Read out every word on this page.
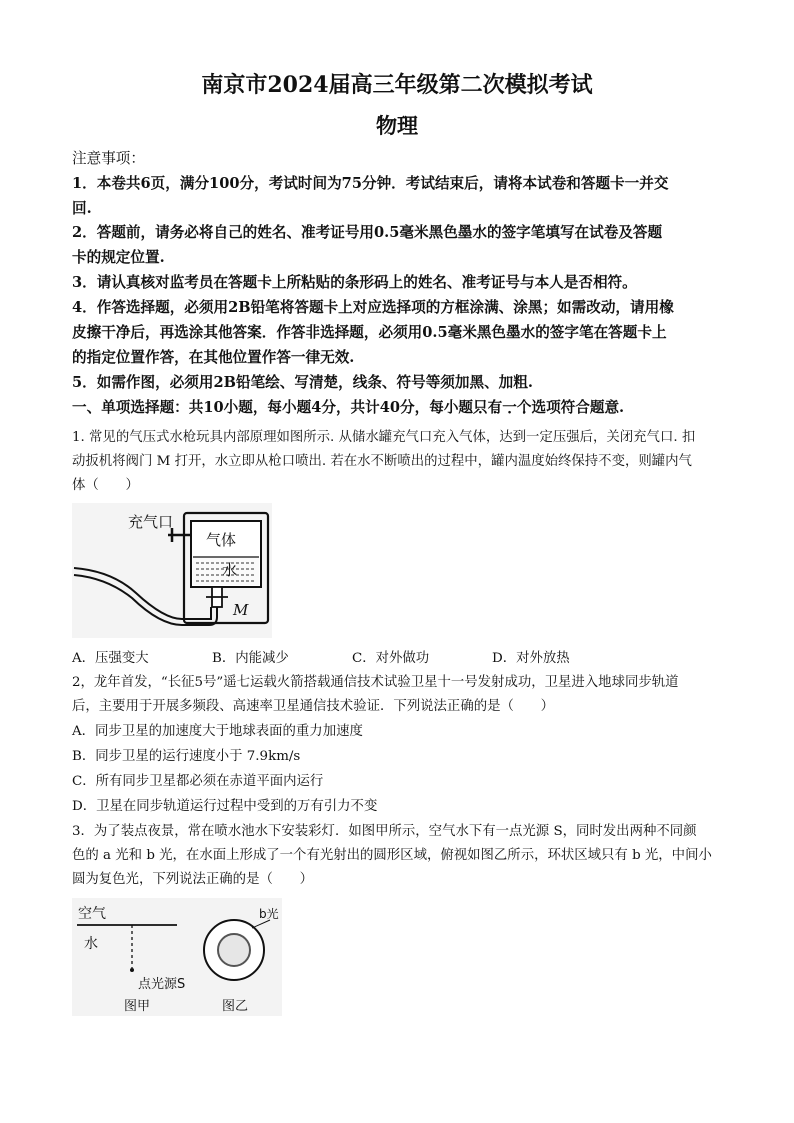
南京市2024届高三年级第二次模拟考试
物理
注意事项：
1．本卷共6页，满分100分，考试时间为75分钟．考试结束后，请将本试卷和答题卡一并交
回.
2．答题前，请务必将自己的姓名、准考证号用0.5毫米黑色墨水的签字笔填写在试卷及答题
卡的规定位置.
3．请认真核对监考员在答题卡上所粘贴的条形码上的姓名、准考证号与本人是否相符。
4．作答选择题，必须用2B铅笔将答题卡上对应选择项的方框涂满、涂黑；如需改动，请用橡
皮擦干净后，再选涂其他答案．作答非选择题，必须用0.5毫米黑色墨水的签字笔在答题卡上
的指定位置作答，在其他位置作答一律无效.
5．如需作图，必须用2B铅笔绘、写清楚，线条、符号等须加黑、加粗.
一、单项选择题：共10小题，每小题4分，共计40分，每小题只有一个选项符合题意.
1. 常见的气压式水枪玩具内部原理如图所示. 从储水罐充气口充入气体，达到一定压强后，关闭充气口. 扣
动扳机将阀门 M 打开，水立即从枪口喷出. 若在水不断喷出的过程中，罐内温度始终保持不变，则罐内气
体（　　）
充气口
气体
水
M
A．压强变大	B．内能减少	C．对外做功	D．对外放热
2，龙年首发，“长征5号”遥七运载火箭搭载通信技术试验卫星十一号发射成功，卫星进入地球同步轨道
后，主要用于开展多频段、高速率卫星通信技术验证．下列说法正确的是（　　）
A．同步卫星的加速度大于地球表面的重力加速度
B．同步卫星的运行速度小于 7.9km/s
C．所有同步卫星都必须在赤道平面内运行
D．卫星在同步轨道运行过程中受到的万有引力不变
3．为了装点夜景，常在喷水池水下安装彩灯．如图甲所示，空气水下有一点光源 S，同时发出两种不同颜
色的 a 光和 b 光，在水面上形成了一个有光射出的圆形区域，俯视如图乙所示，环状区域只有 b 光，中间小
圆为复色光，下列说法正确的是（　　）
空气
水
点光源S
图甲
b光
图乙
